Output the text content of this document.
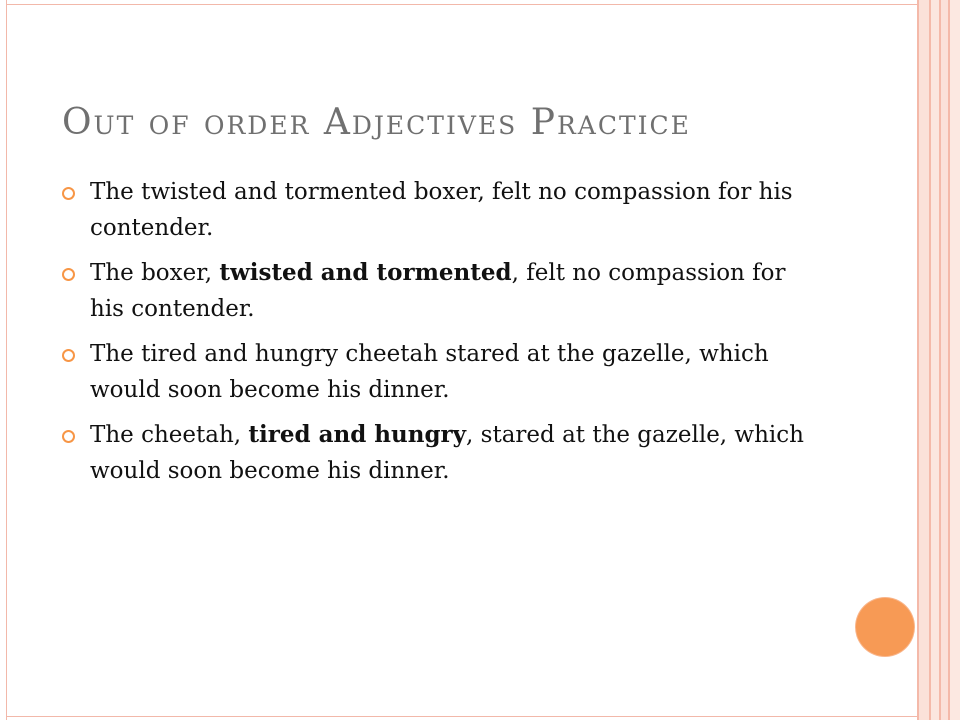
Out of order Adjectives Practice
The twisted and tormented boxer, felt no compassion for his contender.
The boxer, twisted and tormented, felt no compassion for his contender.
The tired and hungry cheetah stared at the gazelle, which would soon become his dinner.
The cheetah, tired and hungry, stared at the gazelle, which would soon become his dinner.
